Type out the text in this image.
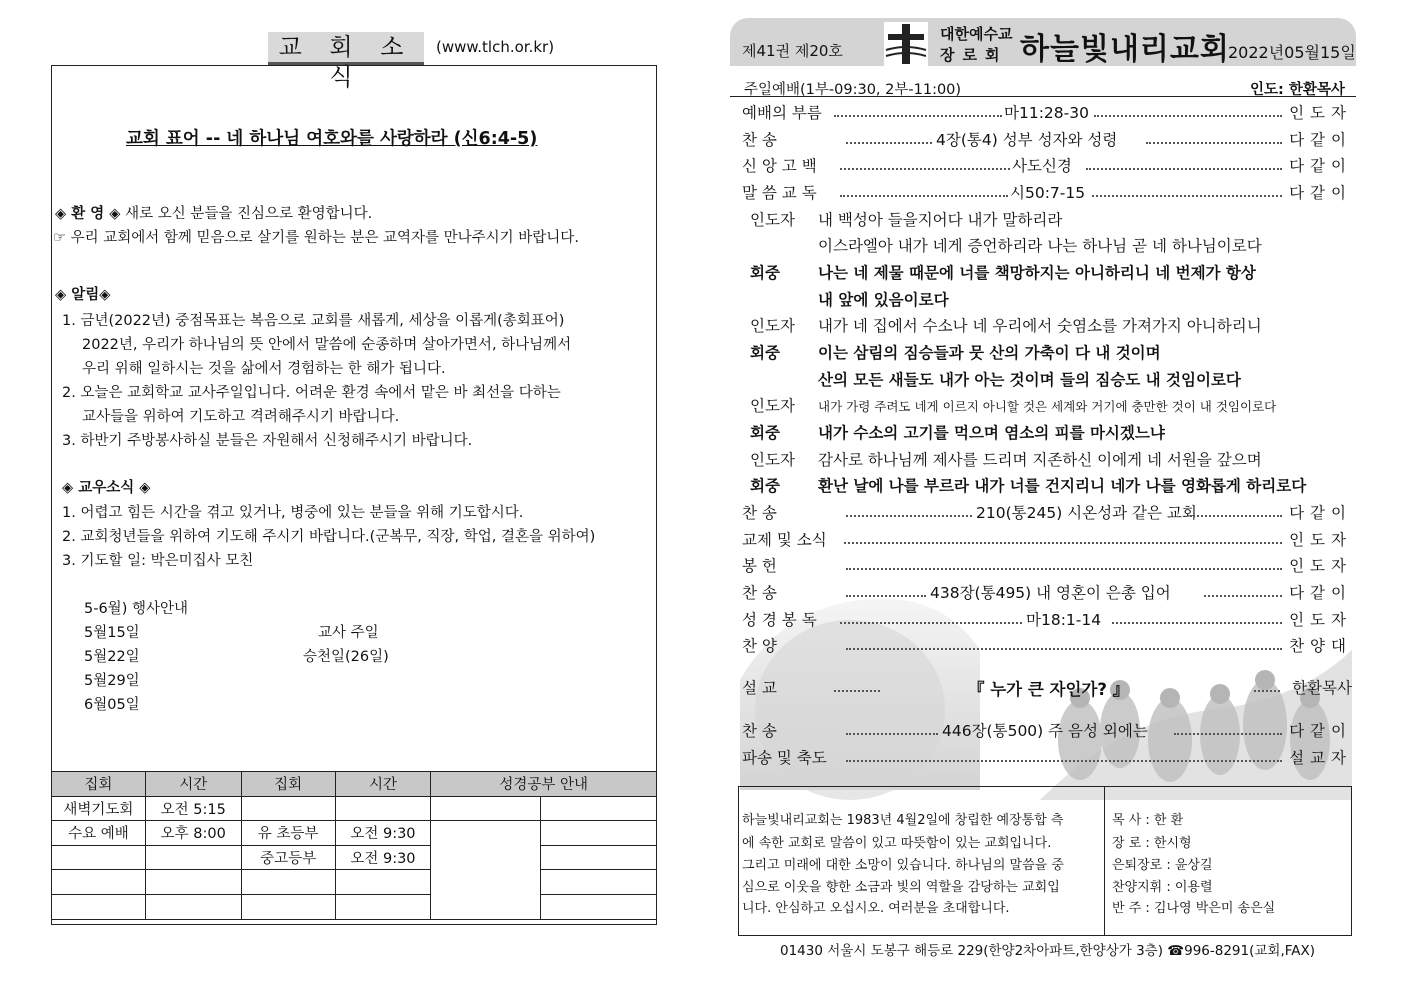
교 회 소 식
(www.tlch.or.kr)
교회 표어 -- 네 하나님 여호와를 사랑하라 (신6:4-5)
◈ 환 영 ◈ 새로 오신 분들을 진심으로 환영합니다.
☞ 우리 교회에서 함께 믿음으로 살기를 원하는 분은 교역자를 만나주시기 바랍니다.
◈ 알림◈
1. 금년(2022년) 중점목표는 복음으로 교회를 새롭게, 세상을 이롭게(총회표어)
2022년, 우리가 하나님의 뜻 안에서 말씀에 순종하며 살아가면서, 하나님께서
우리 위해 일하시는 것을 삶에서 경험하는 한 해가 됩니다.
2. 오늘은 교회학교 교사주일입니다. 어려운 환경 속에서 맡은 바 최선을 다하는
교사들을 위하여 기도하고 격려해주시기 바랍니다.
3. 하반기 주방봉사하실 분들은 자원해서 신청해주시기 바랍니다.
◈ 교우소식 ◈
1. 어렵고 힘든 시간을 겪고 있거나, 병중에 있는 분들을 위해 기도합시다.
2. 교회청년들을 위하여 기도해 주시기 바랍니다.(군복무, 직장, 학업, 결혼을 위하여)
3. 기도할 일: 박은미집사 모친
5-6월) 행사안내
5월15일	교사 주일
5월22일	승천일(26일)
5월29일
6월05일
집회	시간	집회	시간	성경공부 안내	
새벽기도회	오전 5:15				
수요 예배	오후 8:00	유 초등부	오전 9:30		
		중고등부	오전 9:30		

제41권 제20호
대한예수교
장로회 하늘빛내리교회
2022년05월15일
주일예배(1부-09:30, 2부-11:00)	인도: 한환목사
예배의 부름	마11:28-30	인도자
찬 송	4장(통4) 성부 성자와 성령	다같이
신 앙 고 백	사도신경	다같이
말 씀 교 독	시50:7-15	다같이
인도자 내 백성아 들을지어다 내가 말하리라
이스라엘아 내가 네게 증언하리라 나는 하나님 곧 네 하나님이로다
회중 나는 네 제물 때문에 너를 책망하지는 아니하리니 네 번제가 항상
내 앞에 있음이로다
인도자 내가 네 집에서 수소나 네 우리에서 숫염소를 가져가지 아니하리니
회중 이는 삼림의 짐승들과 뭇 산의 가축이 다 내 것이며
산의 모든 새들도 내가 아는 것이며 들의 짐승도 내 것임이로다
인도자 내가 가령 주려도 네게 이르지 아니할 것은 세계와 거기에 충만한 것이 내 것임이로다
회중 내가 수소의 고기를 먹으며 염소의 피를 마시겠느냐
인도자 감사로 하나님께 제사를 드리며 지존하신 이에게 네 서원을 갚으며
회중 환난 날에 나를 부르라 내가 너를 건지리니 네가 나를 영화롭게 하리로다
찬 송	210(통245) 시온성과 같은 교회	다같이
교제 및 소식	인도자
봉 헌	인도자
찬 송	438장(통495) 내 영혼이 은총 입어	다같이
성 경 봉 독	마18:1-14	인도자
찬 양	찬양대
설 교	『 누가 큰 자인가? 』	한환목사
찬 송	446장(통500) 주 음성 외에는	다같이
파송 및 축도	설교자
하늘빛내리교회는 1983년 4월2일에 창립한 예장통합 측
에 속한 교회로 말씀이 있고 따뜻함이 있는 교회입니다.
그리고 미래에 대한 소망이 있습니다. 하나님의 말씀을 중
심으로 이웃을 향한 소금과 빛의 역할을 감당하는 교회입
니다. 안심하고 오십시오. 여러분을 초대합니다.
목 사 : 한 환
장 로 : 한시형
은퇴장로 : 윤상길
찬양지휘 : 이용렬
반 주 : 김나영 박은미 송은실
01430 서울시 도봉구 해등로 229(한양2차아파트,한양상가 3층) ☎996-8291(교회,FAX)
